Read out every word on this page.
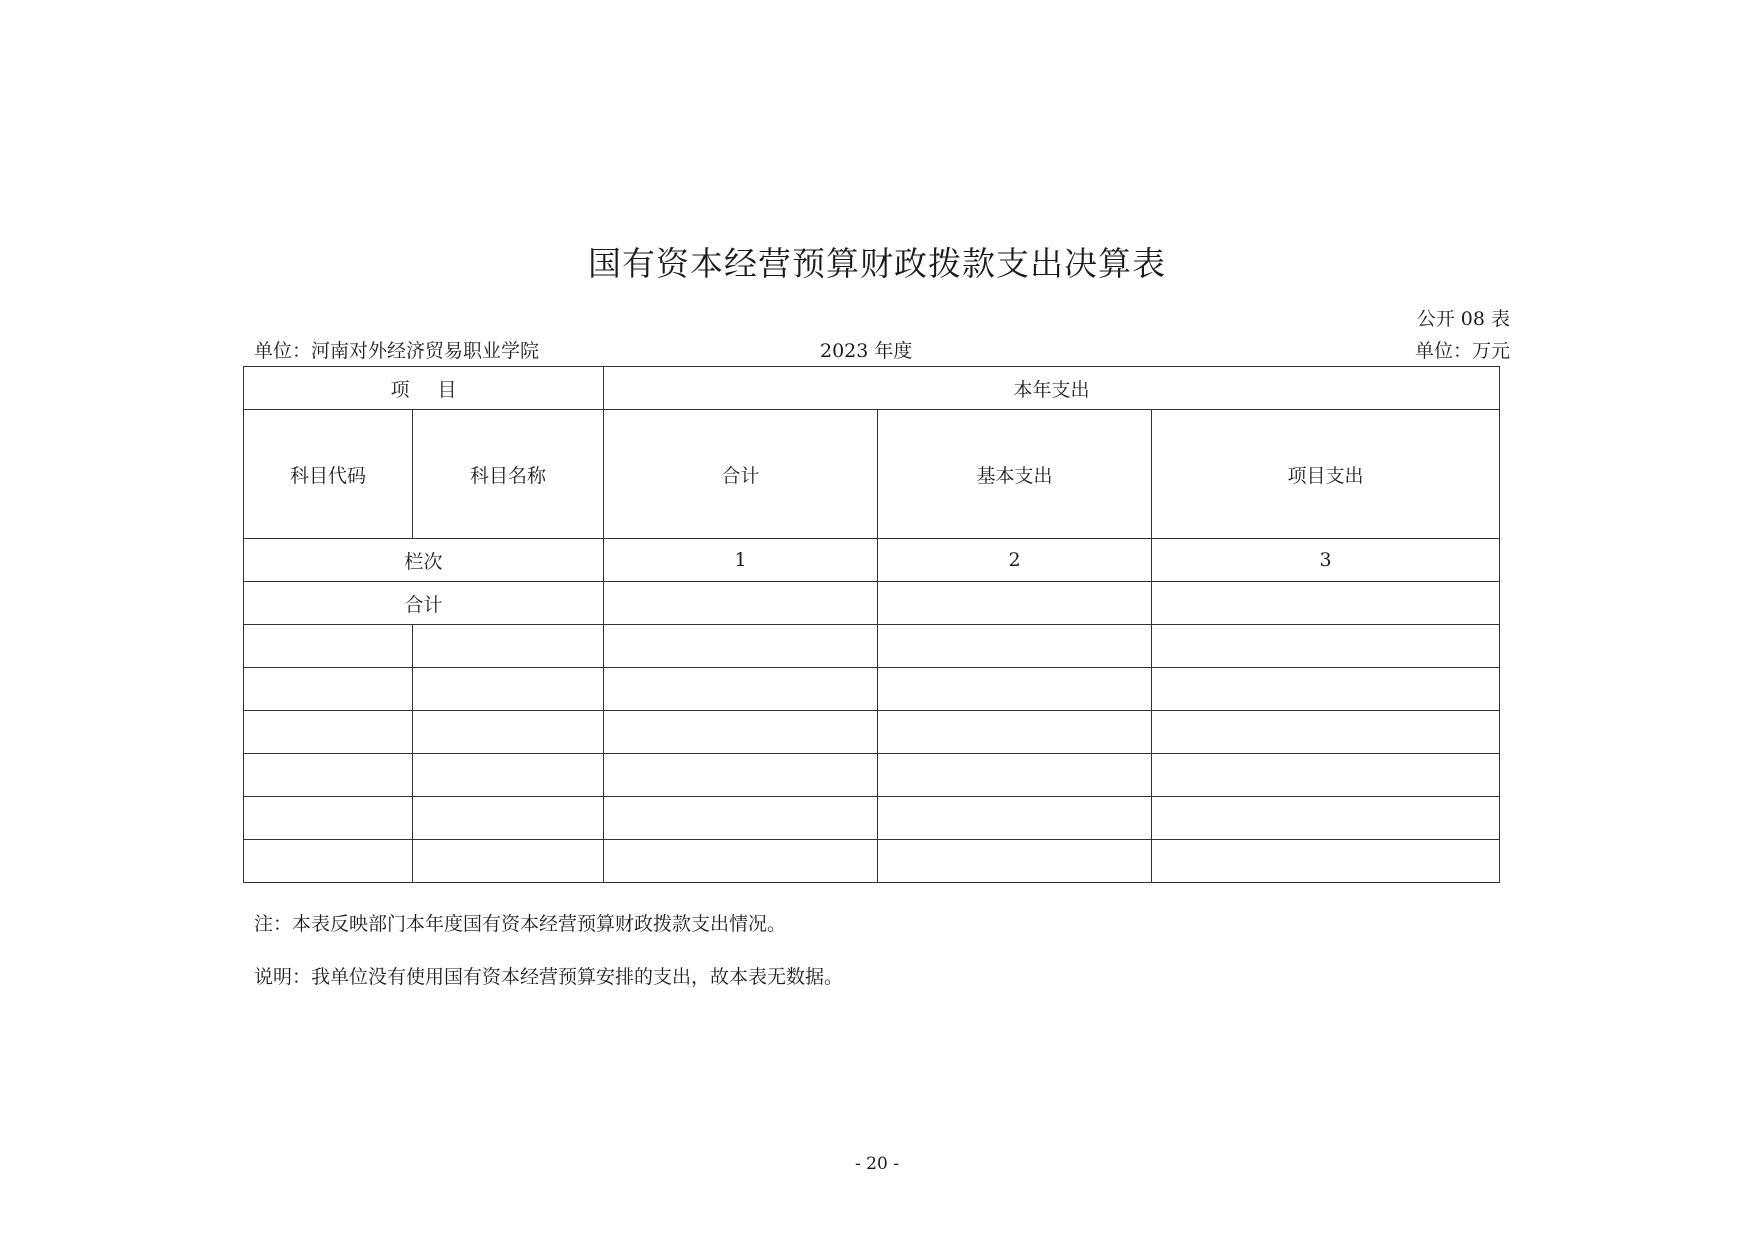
国有资本经营预算财政拨款支出决算表
公开 08 表
单位：河南对外经济贸易职业学院	2023 年度	单位：万元
项目		本年支出		
科目代码	科目名称	合计	基本支出	项目支出
栏次		1	2	3
合计				

注：本表反映部门本年度国有资本经营预算财政拨款支出情况。
说明：我单位没有使用国有资本经营预算安排的支出，故本表无数据。
- 20 -
